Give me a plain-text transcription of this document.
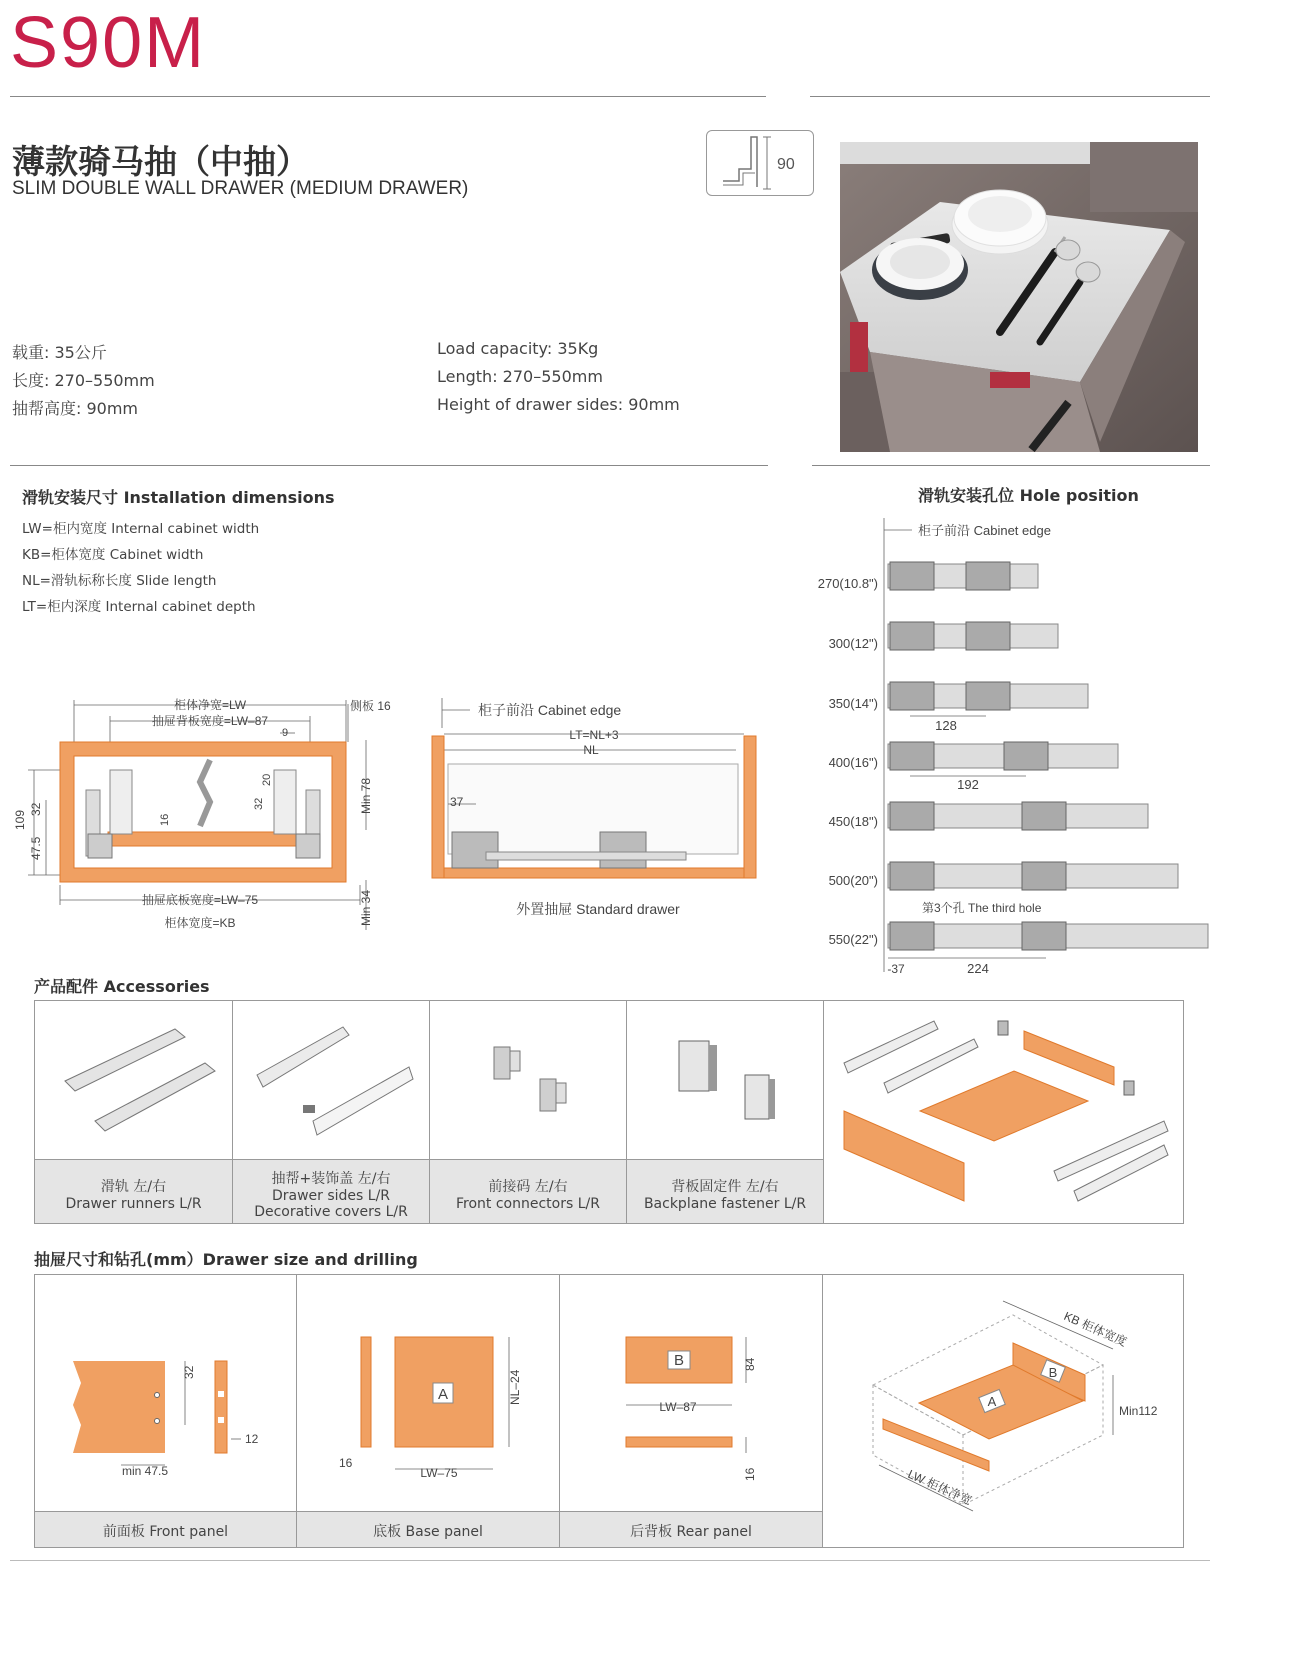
S90M
薄款骑马抽（中抽）
SLIM DOUBLE WALL DRAWER (MEDIUM DRAWER)
90
载重: 35公斤
长度: 270–550mm
抽帮高度: 90mm
Load capacity: 35Kg
Length: 270–550mm
Height of drawer sides: 90mm
滑轨安装尺寸 Installation dimensions
LW=柜内宽度 Internal cabinet width
KB=柜体宽度 Cabinet width
NL=滑轨标称长度 Slide length
LT=柜内深度 Internal cabinet depth
柜体净宽=LW
抽屉背板宽度=LW–87
侧板 16
9
20
32
16
Min 78
Min 34
109
32
47.5
抽屉底板宽度=LW–75
柜体宽度=KB
柜子前沿 Cabinet edge
LT=NL+3
NL
37
外置抽屉 Standard drawer
滑轨安装孔位 Hole position
柜子前沿 Cabinet edge
270(10.8")
300(12")
350(14")
128
400(16")
192
450(18")
500(20")
第3个孔 The third hole
550(22")
-37	224
产品配件 Accessories
滑轨 左/右
Drawer runners L/R
抽帮+装饰盖 左/右
Drawer sides L/R
Decorative covers L/R
前接码 左/右
Front connectors L/R
背板固定件 左/右
Backplane fastener L/R
抽屉尺寸和钻孔(mm）Drawer size and drilling
32
12
min 47.5
前面板 Front panel
A	NL–24
16
LW–75
底板 Base panel
B	84
LW–87
16
后背板 Rear panel
B
A
KB 柜体宽度
Min112
LW 柜体净宽
